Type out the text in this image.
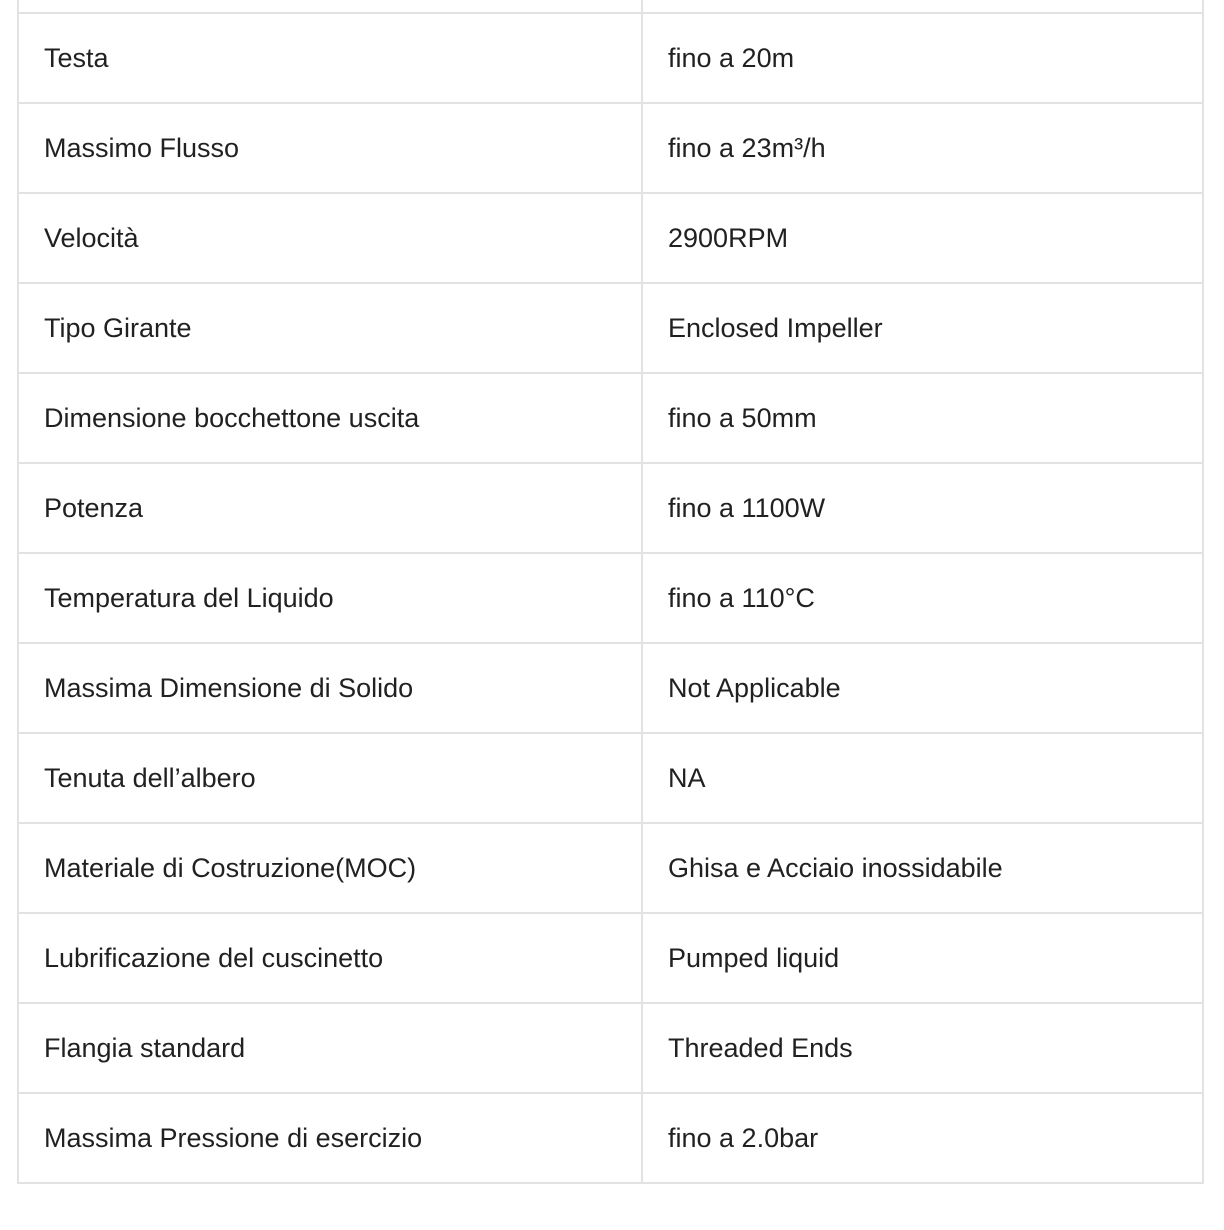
Testa	fino a 20m
Massimo Flusso	fino a 23m³/h
Velocità	2900RPM
Tipo Girante	Enclosed Impeller
Dimensione bocchettone uscita	fino a 50mm
Potenza	fino a 1100W
Temperatura del Liquido	fino a 110°C
Massima Dimensione di Solido	Not Applicable
Tenuta dell’albero	NA
Materiale di Costruzione(MOC)	Ghisa e Acciaio inossidabile
Lubrificazione del cuscinetto	Pumped liquid
Flangia standard	Threaded Ends
Massima Pressione di esercizio	fino a 2.0bar
